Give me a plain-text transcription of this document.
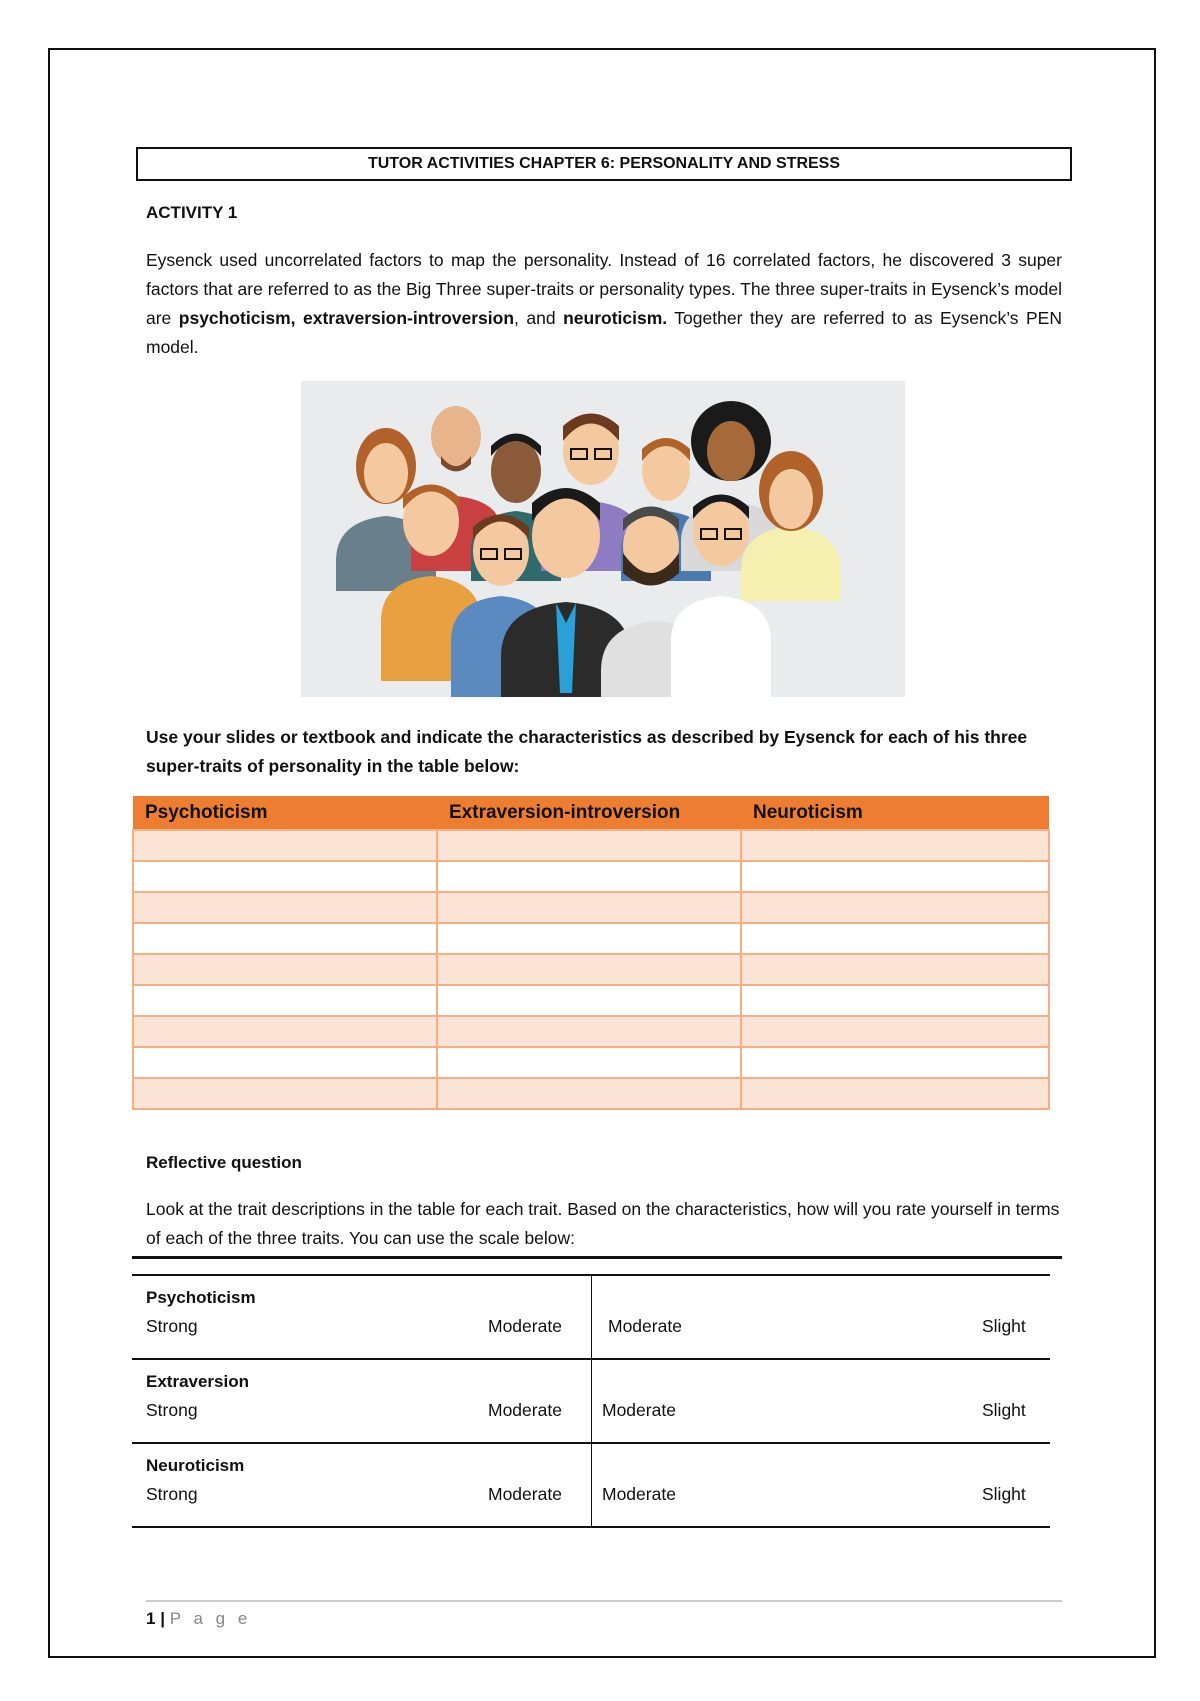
TUTOR ACTIVITIES CHAPTER 6: PERSONALITY AND STRESS
ACTIVITY 1
Eysenck used uncorrelated factors to map the personality. Instead of 16 correlated factors, he discovered 3 super factors that are referred to as the Big Three super-traits or personality types. The three super-traits in Eysenck’s model are psychoticism, extraversion-introversion, and neuroticism. Together they are referred to as Eysenck’s PEN model.
Use your slides or textbook and indicate the characteristics as described by Eysenck for each of his three super-traits of personality in the table below:
Psychoticism	Extraversion-introversion	Neuroticism

Reflective question
Look at the trait descriptions in the table for each trait. Based on the characteristics, how will you rate yourself in terms of each of the three traits. You can use the scale below:
Psychoticism
Strong	Moderate	Moderate	Slight
Extraversion
Strong	Moderate Moderate	Slight
Neuroticism
Strong	Moderate Moderate	Slight
1 | P a g e
